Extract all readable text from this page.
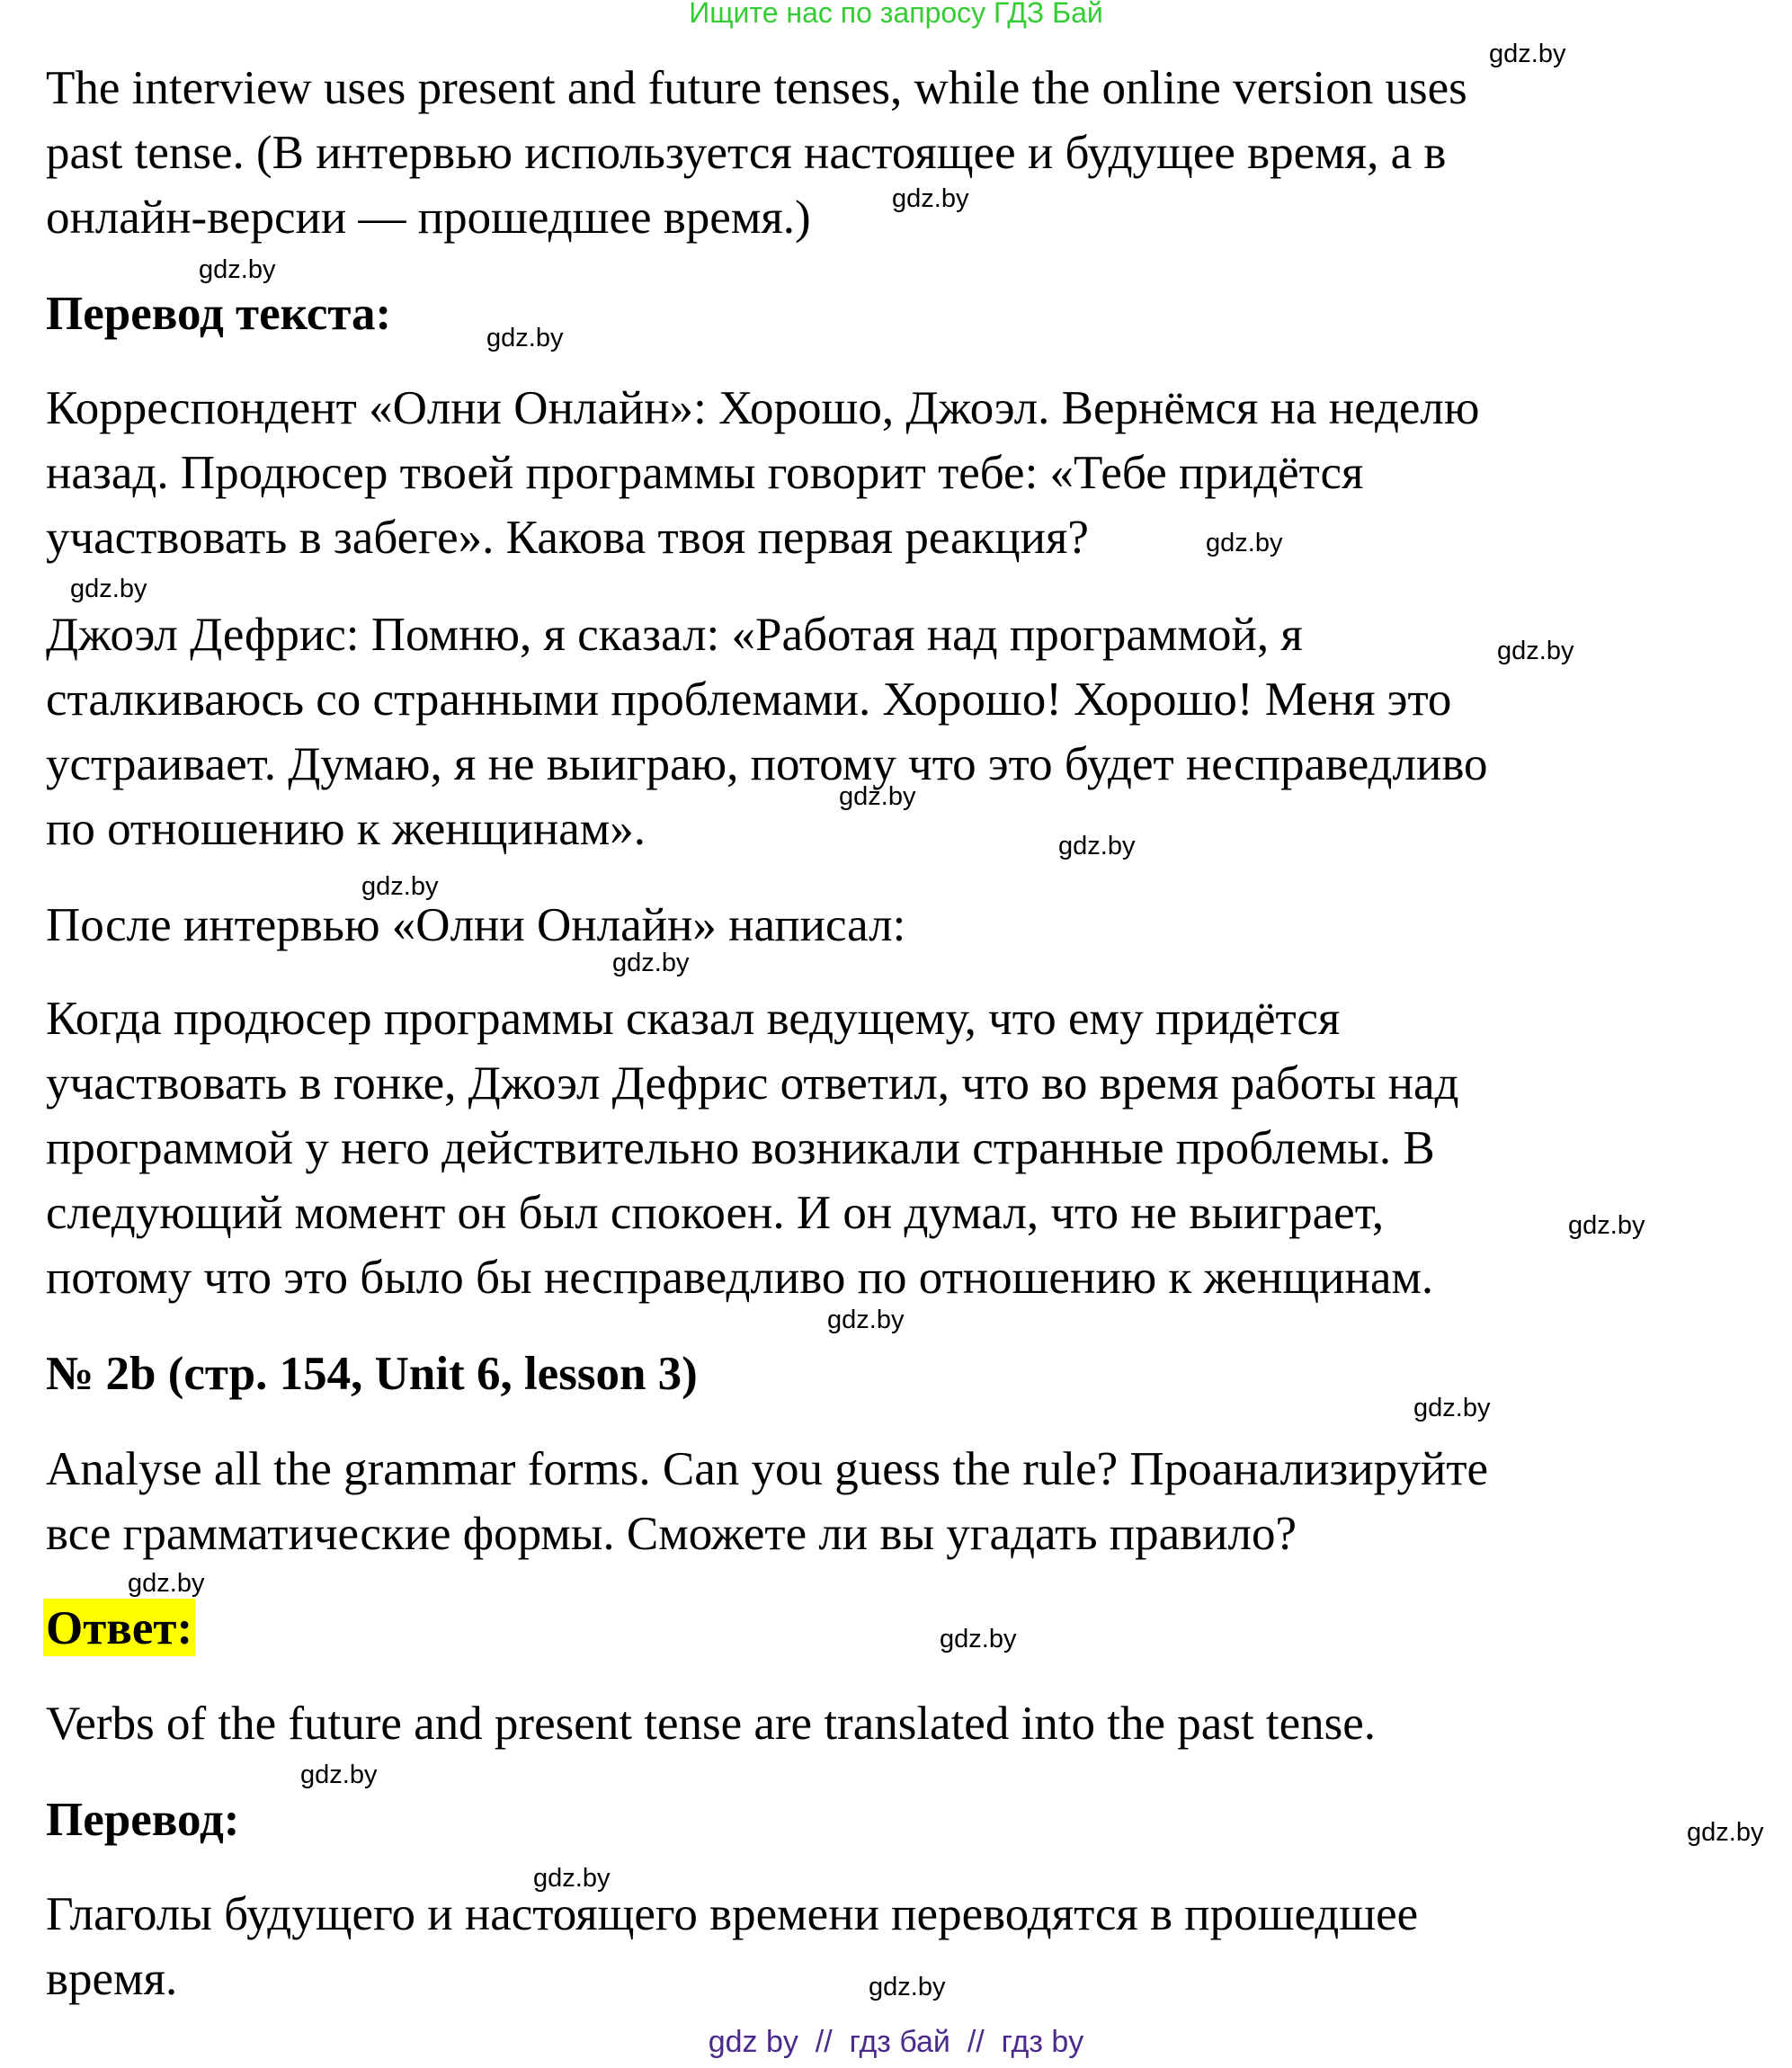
Ищите нас по запросу ГДЗ Бай
The interview uses present and future tenses, while the online version uses
past tense. (В интервью используется настоящее и будущее время, а в
онлайн-версии — прошедшее время.)
Перевод текста:
Корреспондент «Олни Онлайн»: Хорошо, Джоэл. Вернёмся на неделю
назад. Продюсер твоей программы говорит тебе: «Тебе придётся
участвовать в забеге». Какова твоя первая реакция?
Джоэл Дефрис: Помню, я сказал: «Работая над программой, я
сталкиваюсь со странными проблемами. Хорошо! Хорошо! Меня это
устраивает. Думаю, я не выиграю, потому что это будет несправедливо
по отношению к женщинам».
После интервью «Олни Онлайн» написал:
Когда продюсер программы сказал ведущему, что ему придётся
участвовать в гонке, Джоэл Дефрис ответил, что во время работы над
программой у него действительно возникали странные проблемы. В
следующий момент он был спокоен. И он думал, что не выиграет,
потому что это было бы несправедливо по отношению к женщинам.
№ 2b (стр. 154, Unit 6, lesson 3)
Analyse all the grammar forms. Can you guess the rule? Проанализируйте
все грамматические формы. Сможете ли вы угадать правило?
Ответ:
Verbs of the future and present tense are translated into the past tense.
Перевод:
Глаголы будущего и настоящего времени переводятся в прошедшее
время.
gdz.by
gdz.by
gdz.by
gdz.by
gdz.by
gdz.by
gdz.by
gdz.by
gdz.by
gdz.by
gdz.by
gdz.by
gdz.by
gdz.by
gdz.by
gdz.by
gdz.by
gdz.by
gdz.by
gdz.by
gdz by  //  гдз бай  //  гдз by
